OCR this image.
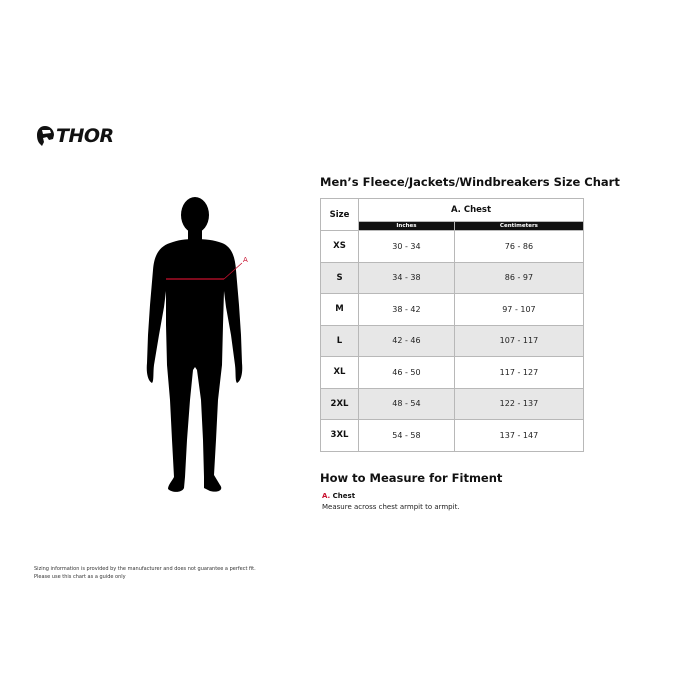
THOR
A
Men’s Fleece/Jackets/Windbreakers Size Chart
Size	A. Chest	
	Inches	Centimeters
XS	30 - 34	76 - 86
S	34 - 38	86 - 97
M	38 - 42	97 - 107
L	42 - 46	107 - 117
XL	46 - 50	117 - 127
2XL	48 - 54	122 - 137
3XL	54 - 58	137 - 147
How to Measure for Fitment
A. Chest
Measure across chest armpit to armpit.
Sizing information is provided by the manufacturer and does not guarantee a perfect fit.
Please use this chart as a guide only
